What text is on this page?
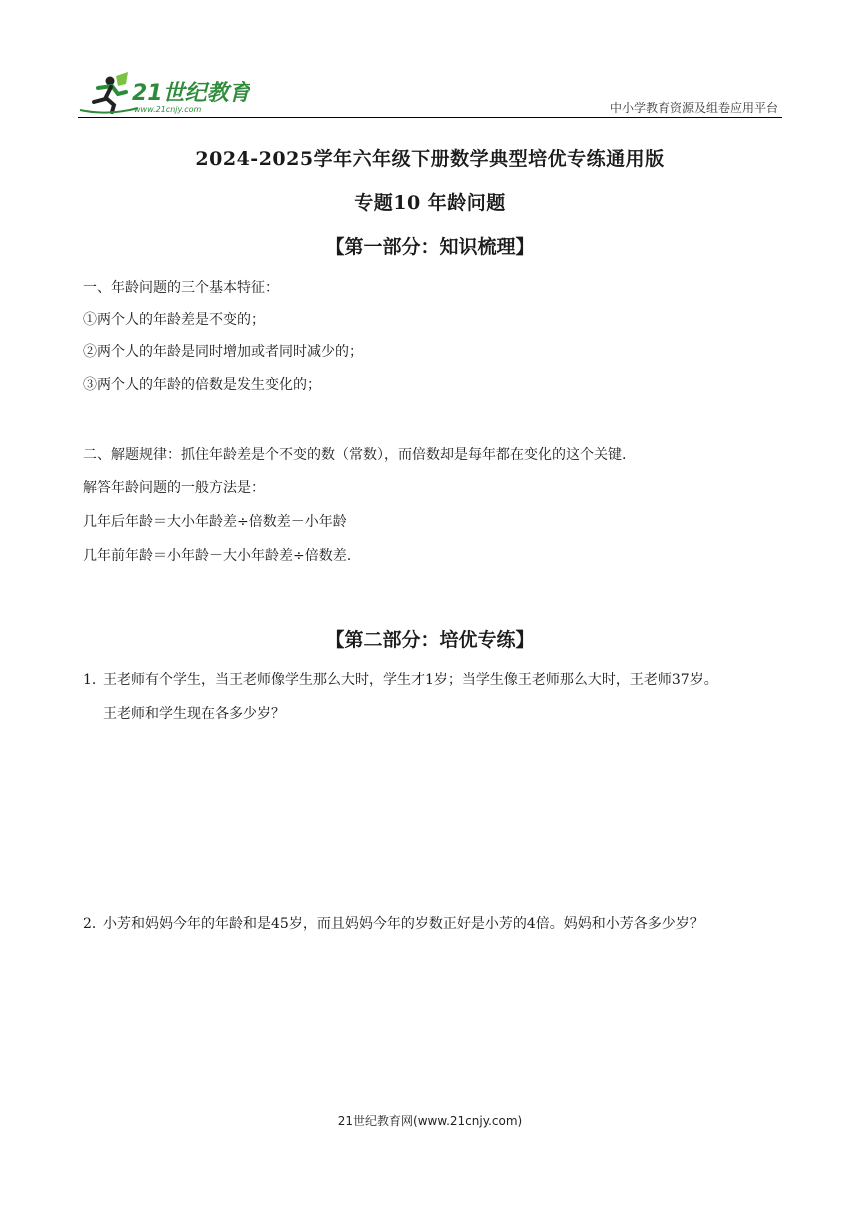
21世纪教育
www.21cnjy.com	中小学教育资源及组卷应用平台
2024-2025学年六年级下册数学典型培优专练通用版
专题10 年龄问题
【第一部分：知识梳理】
一、年龄问题的三个基本特征：
①两个人的年龄差是不变的；
②两个人的年龄是同时增加或者同时减少的；
③两个人的年龄的倍数是发生变化的；
二、解题规律：抓住年龄差是个不变的数（常数），而倍数却是每年都在变化的这个关键.
解答年龄问题的一般方法是：
几年后年龄＝大小年龄差÷倍数差－小年龄
几年前年龄＝小年龄－大小年龄差÷倍数差.
【第二部分：培优专练】
1．王老师有个学生，当王老师像学生那么大时，学生才1岁；当学生像王老师那么大时，王老师37岁。
王老师和学生现在各多少岁？
2．小芳和妈妈今年的年龄和是45岁，而且妈妈今年的岁数正好是小芳的4倍。妈妈和小芳各多少岁？
21世纪教育网(www.21cnjy.com)
